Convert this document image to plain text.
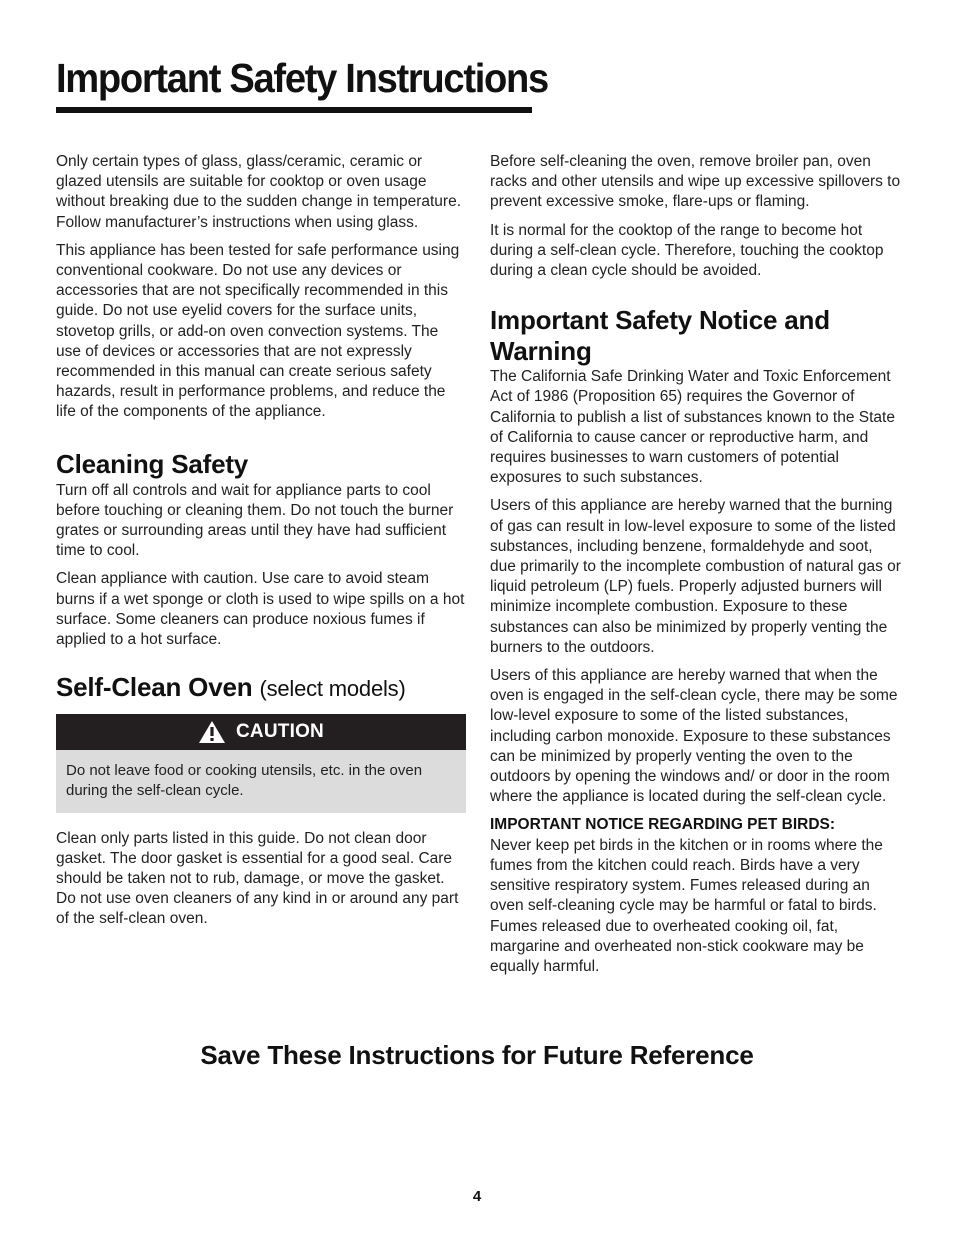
Important Safety Instructions

Only certain types of glass, glass/ceramic, ceramic or glazed utensils are suitable for cooktop or oven usage without breaking due to the sudden change in temperature. Follow manufacturer’s instructions when using glass.

This appliance has been tested for safe performance using conventional cookware. Do not use any devices or accessories that are not specifically recommended in this guide. Do not use eyelid covers for the surface units, stovetop grills, or add-on oven convection systems. The use of devices or accessories that are not expressly recommended in this manual can create serious safety hazards, result in performance problems, and reduce the life of the components of the appliance.

Cleaning Safety

Turn off all controls and wait for appliance parts to cool before touching or cleaning them. Do not touch the burner grates or surrounding areas until they have had sufficient time to cool.

Clean appliance with caution. Use care to avoid steam burns if a wet sponge or cloth is used to wipe spills on a hot surface. Some cleaners can produce noxious fumes if applied to a hot surface.

Self-Clean Oven (select models)
CAUTION

Do not leave food or cooking utensils, etc. in the oven during the self-clean cycle.

Clean only parts listed in this guide. Do not clean door gasket. The door gasket is essential for a good seal. Care should be taken not to rub, damage, or move the gasket. Do not use oven cleaners of any kind in or around any part of the self-clean oven.

Before self-cleaning the oven, remove broiler pan, oven racks and other utensils and wipe up excessive spillovers to prevent excessive smoke, flare-ups or flaming.

It is normal for the cooktop of the range to become hot during a self-clean cycle. Therefore, touching the cooktop during a clean cycle should be avoided.

Important Safety Notice and Warning

The California Safe Drinking Water and Toxic Enforcement Act of 1986 (Proposition 65) requires the Governor of California to publish a list of substances known to the State of California to cause cancer or reproductive harm, and requires businesses to warn customers of potential exposures to such substances.

Users of this appliance are hereby warned that the burning of gas can result in low-level exposure to some of the listed substances, including benzene, formaldehyde and soot, due primarily to the incomplete combustion of natural gas or liquid petroleum (LP) fuels. Properly adjusted burners will minimize incomplete combustion. Exposure to these substances can also be minimized by properly venting the burners to the outdoors.

Users of this appliance are hereby warned that when the oven is engaged in the self-clean cycle, there may be some low-level exposure to some of the listed substances, including carbon monoxide. Exposure to these substances can be minimized by properly venting the oven to the outdoors by opening the windows and/ or door in the room where the appliance is located during the self-clean cycle.

IMPORTANT NOTICE REGARDING PET BIRDS:
Never keep pet birds in the kitchen or in rooms where the fumes from the kitchen could reach. Birds have a very sensitive respiratory system. Fumes released during an oven self-cleaning cycle may be harmful or fatal to birds. Fumes released due to overheated cooking oil, fat, margarine and overheated non-stick cookware may be equally harmful.

Save These Instructions for Future Reference
4
